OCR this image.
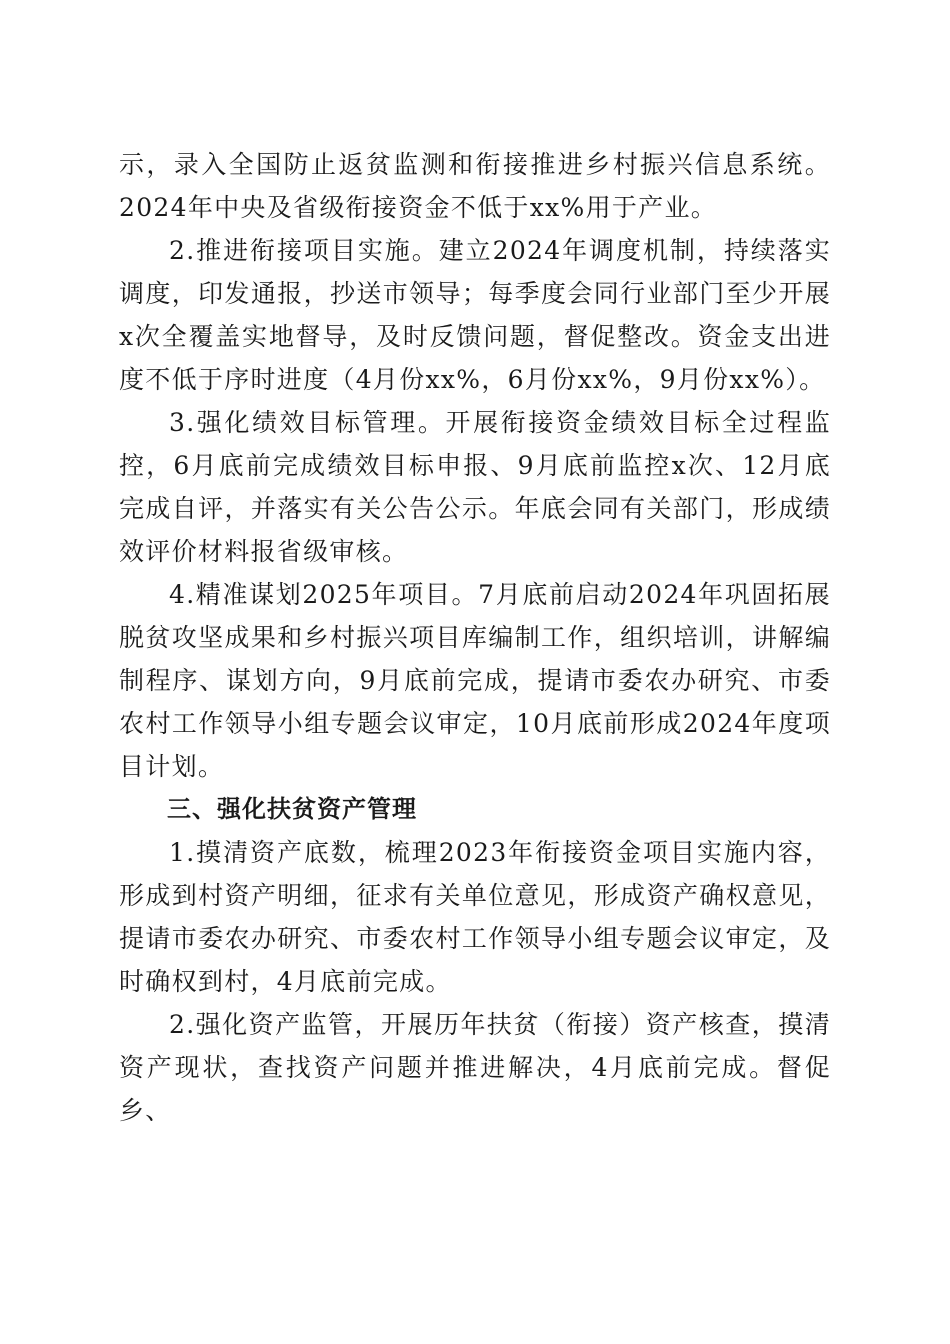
示，录入全国防止返贫监测和衔接推进乡村振兴信息系统。2024年中央及省级衔接资金不低于xx%用于产业。

2.推进衔接项目实施。建立2024年调度机制，持续落实调度，印发通报，抄送市领导；每季度会同行业部门至少开展x次全覆盖实地督导，及时反馈问题，督促整改。资金支出进度不低于序时进度（4月份xx%，6月份xx%，9月份xx%）。

3.强化绩效目标管理。开展衔接资金绩效目标全过程监控，6月底前完成绩效目标申报、9月底前监控x次、12月底完成自评，并落实有关公告公示。年底会同有关部门，形成绩效评价材料报省级审核。

4.精准谋划2025年项目。7月底前启动2024年巩固拓展脱贫攻坚成果和乡村振兴项目库编制工作，组织培训，讲解编制程序、谋划方向，9月底前完成，提请市委农办研究、市委农村工作领导小组专题会议审定，10月底前形成2024年度项目计划。

三、强化扶贫资产管理

1.摸清资产底数，梳理2023年衔接资金项目实施内容，形成到村资产明细，征求有关单位意见，形成资产确权意见，提请市委农办研究、市委农村工作领导小组专题会议审定，及时确权到村，4月底前完成。

2.强化资产监管，开展历年扶贫（衔接）资产核查，摸清资产现状，查找资产问题并推进解决，4月底前完成。督促乡、
